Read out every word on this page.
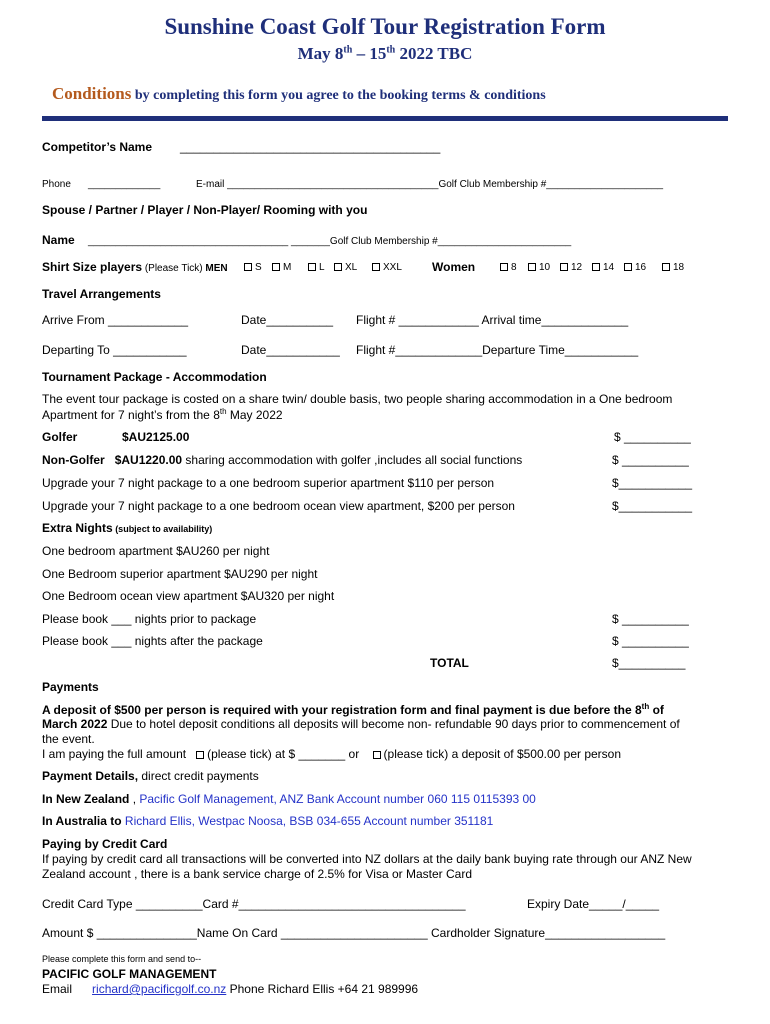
Sunshine Coast Golf Tour Registration Form
May 8th – 15th 2022 TBC
Conditions by completing this form you agree to the booking terms & conditions
Competitor’s Name _______________________________________
Phone _____________	E-mail ______________________________________Golf Club Membership #_____________________
Spouse / Partner / Player / Non-Player/ Rooming with you
Name ____________________________________ _______Golf Club Membership #________________________
Shirt Size players (Please Tick) MEN	S	M	L	XL	XXL	Women	8	10	12	14	16	18
Travel Arrangements
Arrive From ____________	Date__________ Flight # ____________ Arrival time_____________
Departing To ___________	Date___________ Flight #_____________Departure Time___________
Tournament Package - Accommodation
The event tour package is costed on a share twin/ double basis, two people sharing accommodation in a One bedroom
Apartment for 7 night’s from the 8th May 2022
Golfer	$AU2125.00	$ __________
Non-Golfer $AU1220.00 sharing accommodation with golfer ,includes all social functions	$ __________
Upgrade your 7 night package to a one bedroom superior apartment $110 per person	$___________
Upgrade your 7 night package to a one bedroom ocean view apartment, $200 per person	$___________
Extra Nights (subject to availability)
One bedroom apartment $AU260 per night
One Bedroom superior apartment $AU290 per night
One Bedroom ocean view apartment $AU320 per night
Please book ___ nights prior to package	$ __________
Please book ___ nights after the package	$ __________
TOTAL	$__________
Payments
A deposit of $500 per person is required with your registration form and final payment is due before the 8th of
March 2022 Due to hotel deposit conditions all deposits will become non- refundable 90 days prior to commencement of
the event.
I am paying the full amount (please tick) at $ _______ or (please tick) a deposit of $500.00 per person
Payment Details, direct credit payments
In New Zealand , Pacific Golf Management, ANZ Bank Account number 060 115 0115393 00
In Australia to Richard Ellis, Westpac Noosa, BSB 034-655 Account number 351181
Paying by Credit Card
If paying by credit card all transactions will be converted into NZ dollars at the daily bank buying rate through our ANZ New
Zealand account , there is a bank service charge of 2.5% for Visa or Master Card
Credit Card Type __________Card #__________________________________	Expiry Date_____/_____
Amount $ _______________Name On Card ______________________ Cardholder Signature__________________
Please complete this form and send to--
PACIFIC GOLF MANAGEMENT
Email richard@pacificgolf.co.nz Phone Richard Ellis +64 21 989996
